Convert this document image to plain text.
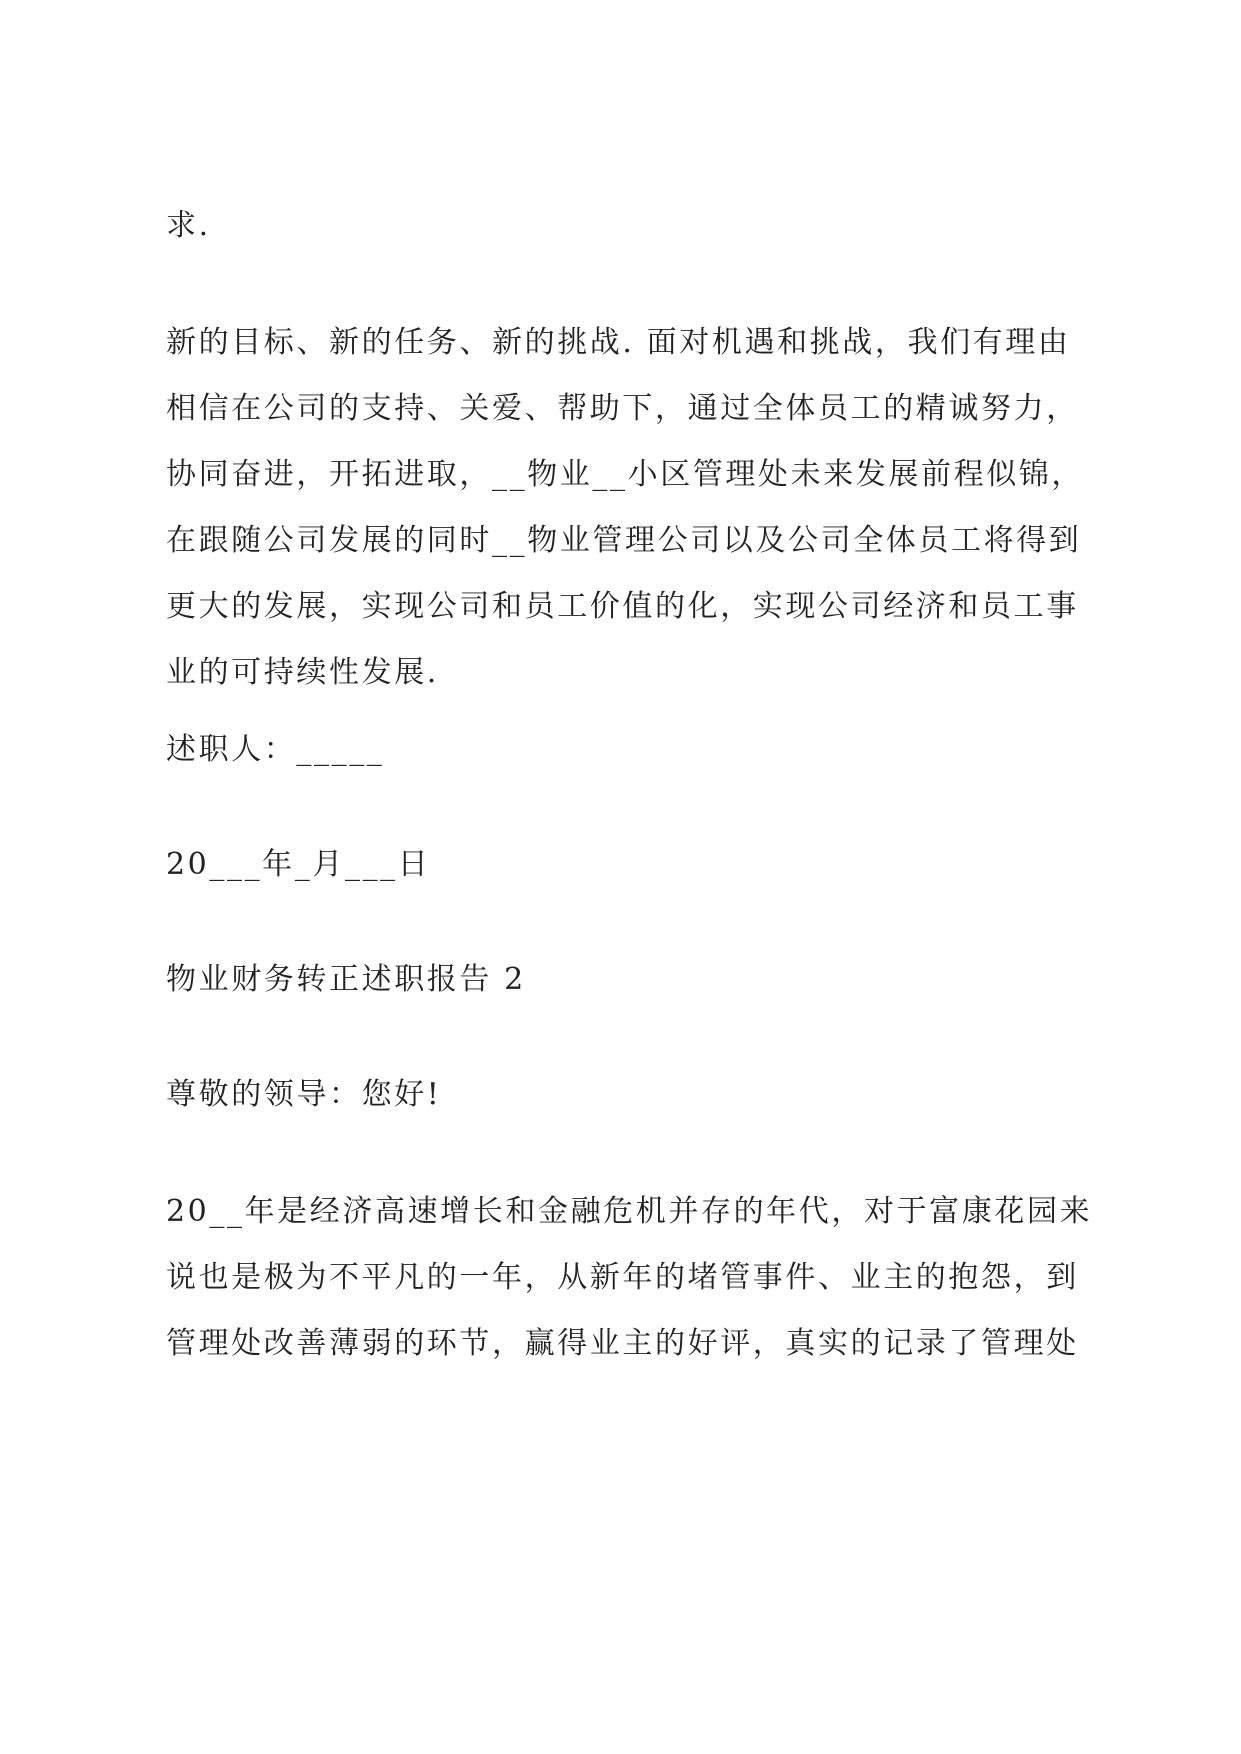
求.

新的目标、新的任务、新的挑战. 面对机遇和挑战，我们有理由
相信在公司的支持、关爱、帮助下，通过全体员工的精诚努力，
协同奋进，开拓进取，__物业__小区管理处未来发展前程似锦，
在跟随公司发展的同时__物业管理公司以及公司全体员工将得到
更大的发展，实现公司和员工价值的化，实现公司经济和员工事
业的可持续性发展.

述职人：_____

20___年_月___日

物业财务转正述职报告 2

尊敬的领导：您好!

20__年是经济高速增长和金融危机并存的年代，对于富康花园来
说也是极为不平凡的一年，从新年的堵管事件、业主的抱怨，到
管理处改善薄弱的环节，赢得业主的好评，真实的记录了管理处
